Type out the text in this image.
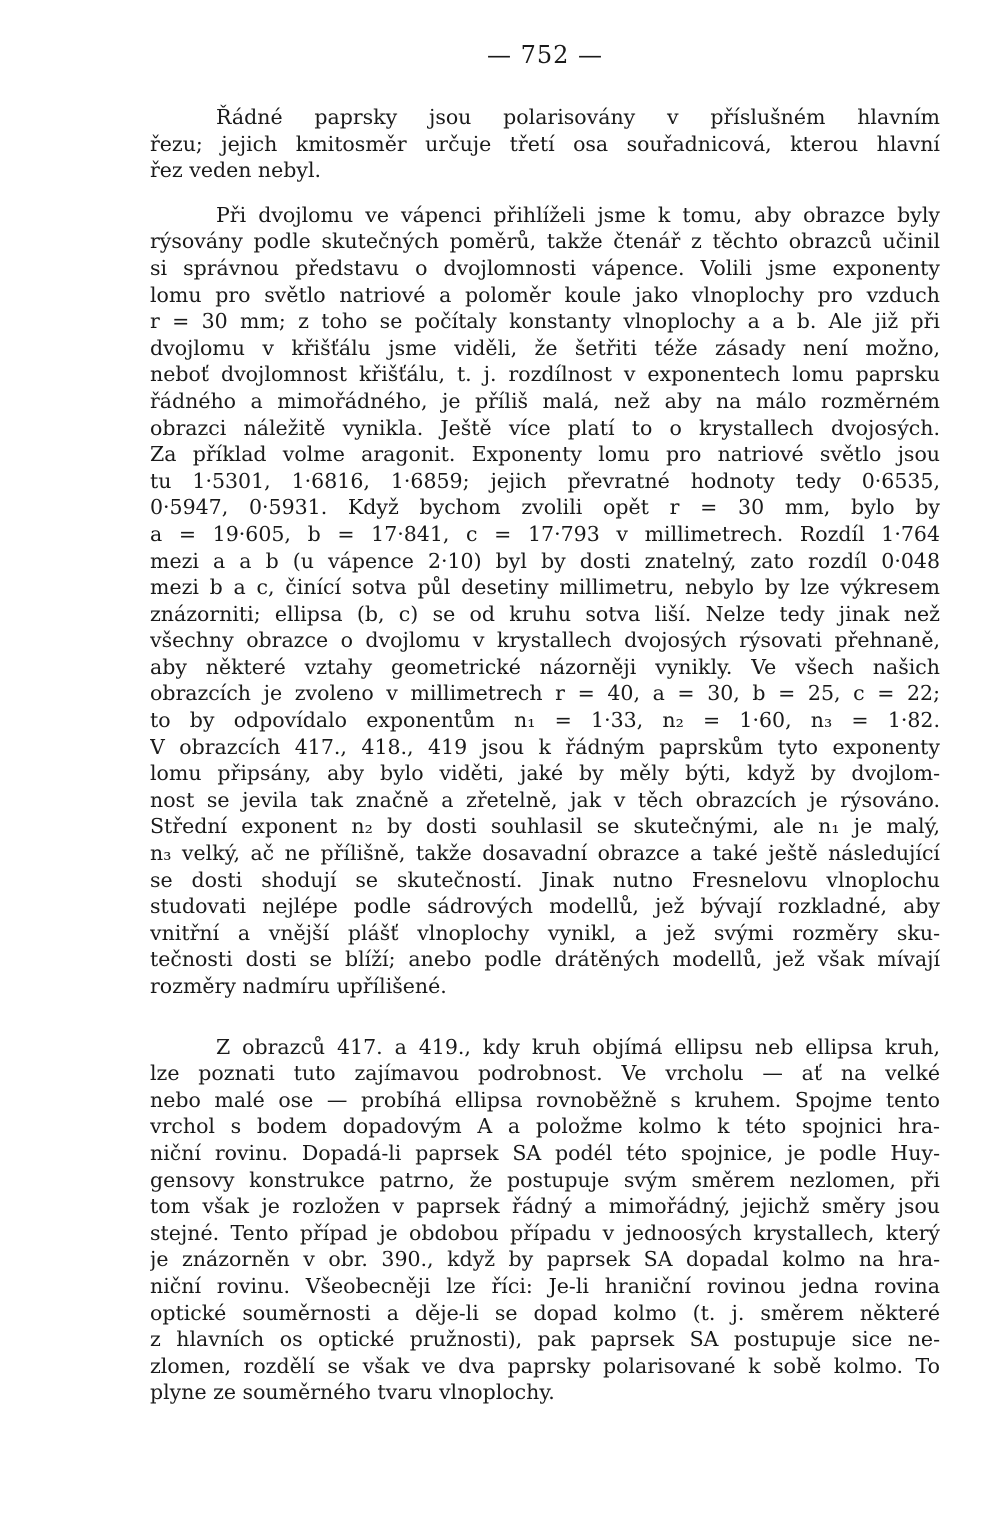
— 752 —
Řádné paprsky jsou polarisovány v příslušném hlavním
řezu; jejich kmitosměr určuje třetí osa souřadnicová, kterou hlavní
řez veden nebyl.
Při dvojlomu ve vápenci přihlíželi jsme k tomu, aby obrazce byly
rýsovány podle skutečných poměrů, takže čtenář z těchto obrazců učinil
si správnou představu o dvojlomnosti vápence. Volili jsme exponenty
lomu pro světlo natriové a poloměr koule jako vlnoplochy pro vzduch
r = 30 mm; z toho se počítaly konstanty vlnoplochy a a b. Ale již při
dvojlomu v křišťálu jsme viděli, že šetřiti téže zásady není možno,
neboť dvojlomnost křišťálu, t. j. rozdílnost v exponentech lomu paprsku
řádného a mimořádného, je příliš malá, než aby na málo rozměrném
obrazci náležitě vynikla. Ještě více platí to o krystallech dvojosých.
Za příklad volme aragonit. Exponenty lomu pro natriové světlo jsou
tu 1·5301, 1·6816, 1·6859; jejich převratné hodnoty tedy 0·6535,
0·5947, 0·5931. Když bychom zvolili opět r = 30 mm, bylo by
a = 19·605, b = 17·841, c = 17·793 v millimetrech. Rozdíl 1·764
mezi a a b (u vápence 2·10) byl by dosti znatelný, zato rozdíl 0·048
mezi b a c, činící sotva půl desetiny millimetru, nebylo by lze výkresem
znázorniti; ellipsa (b, c) se od kruhu sotva liší. Nelze tedy jinak než
všechny obrazce o dvojlomu v krystallech dvojosých rýsovati přehnaně,
aby některé vztahy geometrické názorněji vynikly. Ve všech našich
obrazcích je zvoleno v millimetrech r = 40, a = 30, b = 25, c = 22;
to by odpovídalo exponentům n₁ = 1·33, n₂ = 1·60, n₃ = 1·82.
V obrazcích 417., 418., 419 jsou k řádným paprskům tyto exponenty
lomu připsány, aby bylo viděti, jaké by měly býti, když by dvojlom-
nost se jevila tak značně a zřetelně, jak v těch obrazcích je rýsováno.
Střední exponent n₂ by dosti souhlasil se skutečnými, ale n₁ je malý,
n₃ velký, ač ne přílišně, takže dosavadní obrazce a také ještě následující
se dosti shodují se skutečností. Jinak nutno Fresnelovu vlnoplochu
studovati nejlépe podle sádrových modellů, jež bývají rozkladné, aby
vnitřní a vnější plášť vlnoplochy vynikl, a jež svými rozměry sku-
tečnosti dosti se blíží; anebo podle drátěných modellů, jež však mívají
rozměry nadmíru upřílišené.
Z obrazců 417. a 419., kdy kruh objímá ellipsu neb ellipsa kruh,
lze poznati tuto zajímavou podrobnost. Ve vrcholu — ať na velké
nebo malé ose — probíhá ellipsa rovnoběžně s kruhem. Spojme tento
vrchol s bodem dopadovým A a položme kolmo k této spojnici hra-
niční rovinu. Dopadá-li paprsek SA podél této spojnice, je podle Huy-
gensovy konstrukce patrno, že postupuje svým směrem nezlomen, při
tom však je rozložen v paprsek řádný a mimořádný, jejichž směry jsou
stejné. Tento případ je obdobou případu v jednoosých krystallech, který
je znázorněn v obr. 390., když by paprsek SA dopadal kolmo na hra-
niční rovinu. Všeobecněji lze říci: Je-li hraniční rovinou jedna rovina
optické souměrnosti a děje-li se dopad kolmo (t. j. směrem některé
z hlavních os optické pružnosti), pak paprsek SA postupuje sice ne-
zlomen, rozdělí se však ve dva paprsky polarisované k sobě kolmo. To
plyne ze souměrného tvaru vlnoplochy.
